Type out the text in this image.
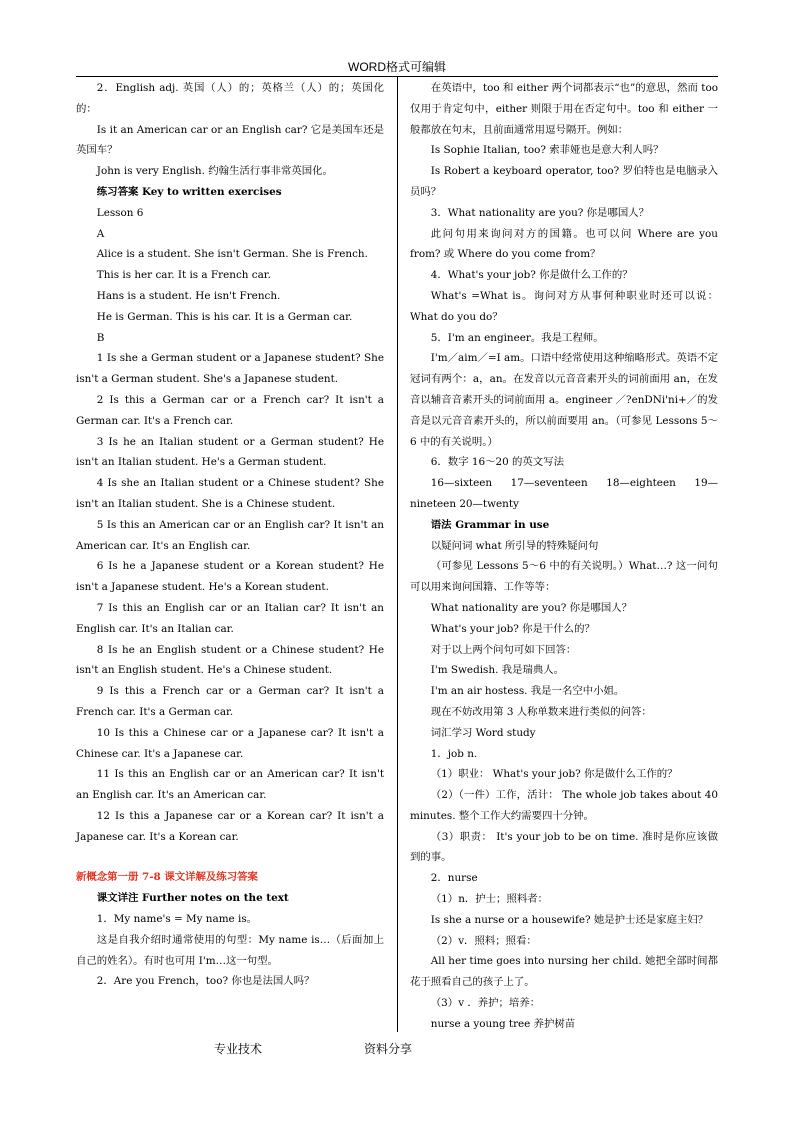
WORD格式可编辑

2．English adj. 英国（人）的；英格兰（人）的；英国化的：

Is it an American car or an English car? 它是美国车还是英国车？

John is very English. 约翰生活行事非常英国化。

练习答案 Key to written exercises

Lesson 6

A

Alice is a student. She isn't German. She is French.

This is her car. It is a French car.

Hans is a student. He isn't French.

He is German. This is his car. It is a German car.

B

1 Is she a German student or a Japanese student? She isn't a German student. She's a Japanese student.

2 Is this a German car or a French car? It isn't a German car. It's a French car.

3 Is he an Italian student or a German student? He isn't an Italian student. He's a German student.

4 Is she an Italian student or a Chinese student? She isn't an Italian student. She is a Chinese student.

5 Is this an American car or an English car? It isn't an American car. It's an English car.

6 Is he a Japanese student or a Korean student? He isn't a Japanese student. He's a Korean student.

7 Is this an English car or an Italian car? It isn't an English car. It's an Italian car.

8 Is he an English student or a Chinese student? He isn't an English student. He's a Chinese student.

9 Is this a French car or a German car? It isn't a French car. It's a German car.

10 Is this a Chinese car or a Japanese car? It isn't a Chinese car. It's a Japanese car.

11 Is this an English car or an American car? It isn't an English car. It's an American car.

12 Is this a Japanese car or a Korean car? It isn't a Japanese car. It's a Korean car.

新概念第一册 7-8 课文详解及练习答案

课文详注 Further notes on the text

1．My name's = My name is。

这是自我介绍时通常使用的句型：My name is…（后面加上自己的姓名）。有时也可用 I'm…这一句型。

2．Are you French，too? 你也是法国人吗？

在英语中，too 和 either 两个词都表示“也”的意思，然而 too 仅用于肯定句中，either 则限于用在否定句中。too 和 either 一般都放在句末，且前面通常用逗号隔开。例如：

Is Sophie Italian, too? 索菲娅也是意大利人吗？

Is Robert a keyboard operator, too? 罗伯特也是电脑录入员吗？

3．What nationality are you? 你是哪国人？

此问句用来询问对方的国籍。也可以问 Where are you from? 或 Where do you come from？

4．What's your job? 你是做什么工作的？

What's =What is。询问对方从事何种职业时还可以说：What do you do？

5．I'm an engineer。我是工程师。

I'm／aim／=I am。口语中经常使用这种缩略形式。英语不定冠词有两个：a，an。在发音以元音音素开头的词前面用 an，在发音以辅音音素开头的词前面用 a。engineer ／?enDNi'ni+／的发音是以元音音素开头的，所以前面要用 an。（可参见 Lessons 5～6 中的有关说明。）

6．数字 16～20 的英文写法

16—sixteen 17—seventeen 18—eighteen 19—nineteen 20—twenty

语法 Grammar in use

以疑问词 what 所引导的特殊疑问句

（可参见 Lessons 5～6 中的有关说明。）What…? 这一问句可以用来询问国籍、工作等等：

What nationality are you? 你是哪国人？

What's your job? 你是干什么的？

对于以上两个问句可如下回答：

I'm Swedish. 我是瑞典人。

I'm an air hostess. 我是一名空中小姐。

现在不妨改用第 3 人称单数来进行类似的问答：

词汇学习 Word study

1．job n.

（1）职业： What's your job? 你是做什么工作的？

（2）（一件）工作，活计： The whole job takes about 40 minutes. 整个工作大约需要四十分钟。

（3）职责： It's your job to be on time. 准时是你应该做到的事。

2．nurse

（1）n．护士；照料者：

Is she a nurse or a housewife? 她是护士还是家庭主妇？

（2）v．照料；照看：

All her time goes into nursing her child. 她把全部时间都花于照看自己的孩子上了。

（3）v ．养护；培养：

nurse a young tree 养护树苗

专业技术	资料分享
